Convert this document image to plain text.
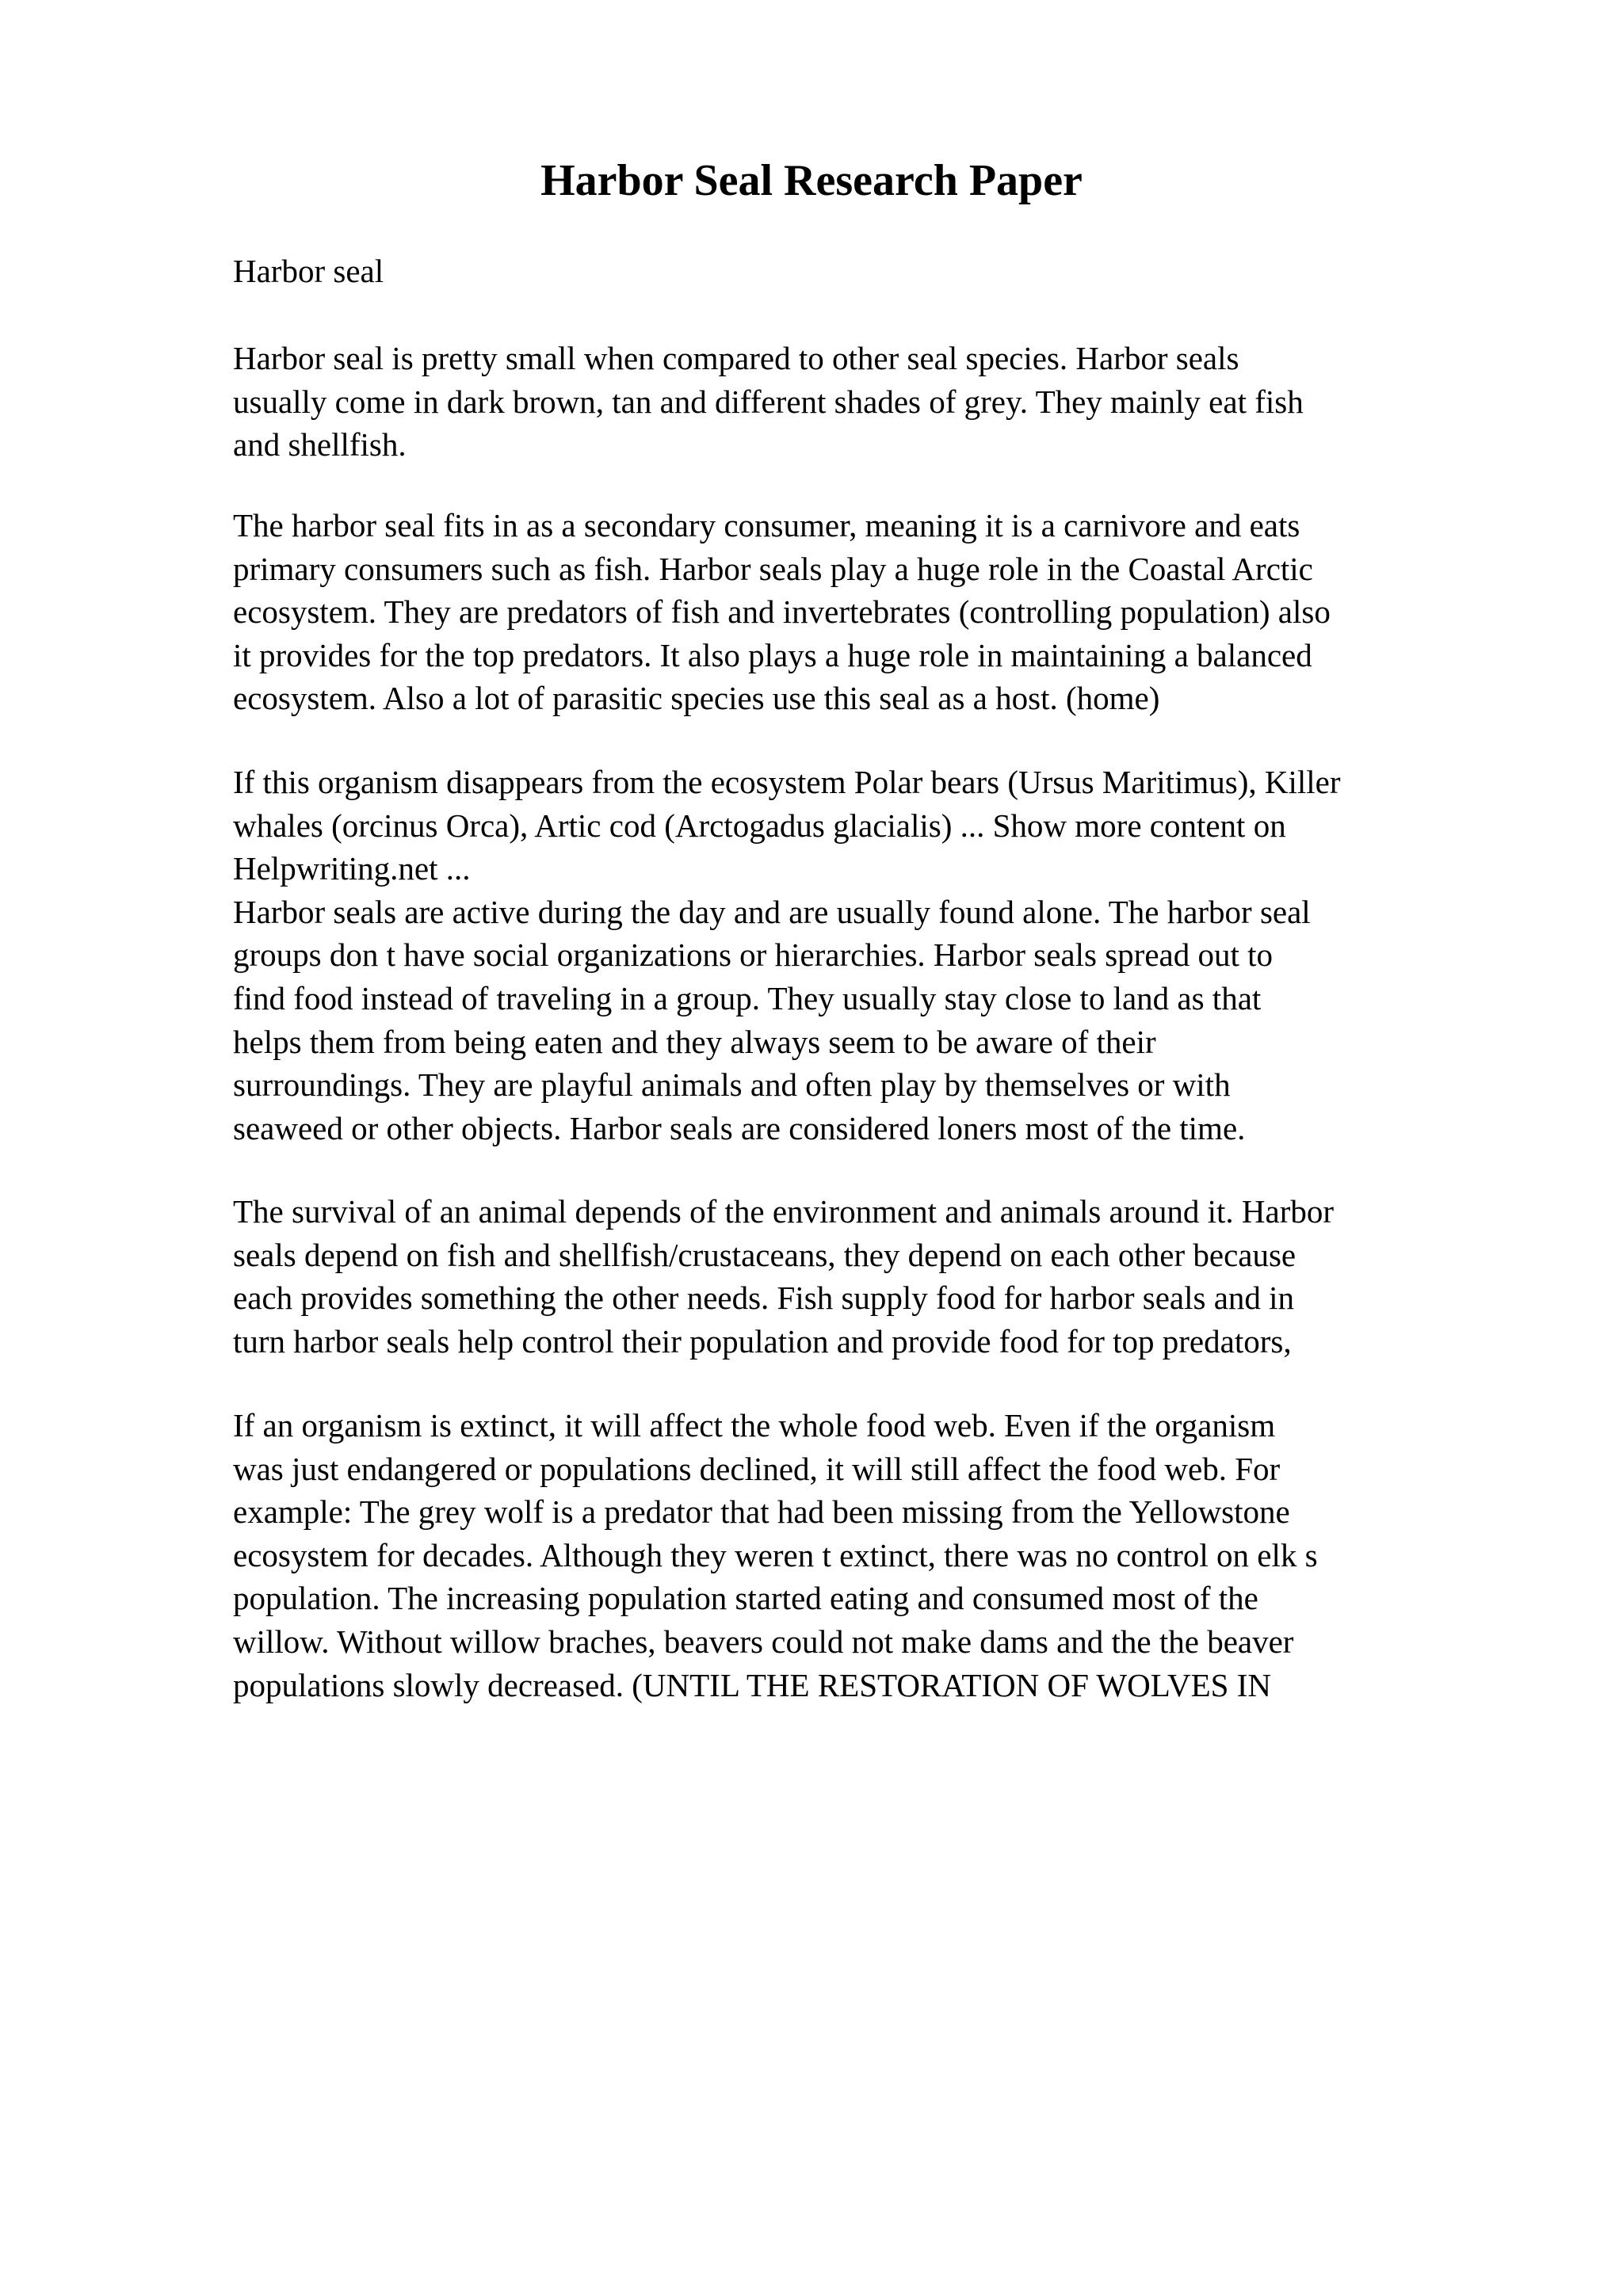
Harbor Seal Research Paper
Harbor seal
Harbor seal is pretty small when compared to other seal species. Harbor seals
usually come in dark brown, tan and different shades of grey. They mainly eat fish
and shellfish.
The harbor seal fits in as a secondary consumer, meaning it is a carnivore and eats
primary consumers such as fish. Harbor seals play a huge role in the Coastal Arctic
ecosystem. They are predators of fish and invertebrates (controlling population) also
it provides for the top predators. It also plays a huge role in maintaining a balanced
ecosystem. Also a lot of parasitic species use this seal as a host. (home)
If this organism disappears from the ecosystem Polar bears (Ursus Maritimus), Killer
whales (orcinus Orca), Artic cod (Arctogadus glacialis) ... Show more content on
Helpwriting.net ...
Harbor seals are active during the day and are usually found alone. The harbor seal
groups don t have social organizations or hierarchies. Harbor seals spread out to
find food instead of traveling in a group. They usually stay close to land as that
helps them from being eaten and they always seem to be aware of their
surroundings. They are playful animals and often play by themselves or with
seaweed or other objects. Harbor seals are considered loners most of the time.
The survival of an animal depends of the environment and animals around it. Harbor
seals depend on fish and shellfish/crustaceans, they depend on each other because
each provides something the other needs. Fish supply food for harbor seals and in
turn harbor seals help control their population and provide food for top predators,
If an organism is extinct, it will affect the whole food web. Even if the organism
was just endangered or populations declined, it will still affect the food web. For
example: The grey wolf is a predator that had been missing from the Yellowstone
ecosystem for decades. Although they weren t extinct, there was no control on elk s
population. The increasing population started eating and consumed most of the
willow. Without willow braches, beavers could not make dams and the the beaver
populations slowly decreased. (UNTIL THE RESTORATION OF WOLVES IN
